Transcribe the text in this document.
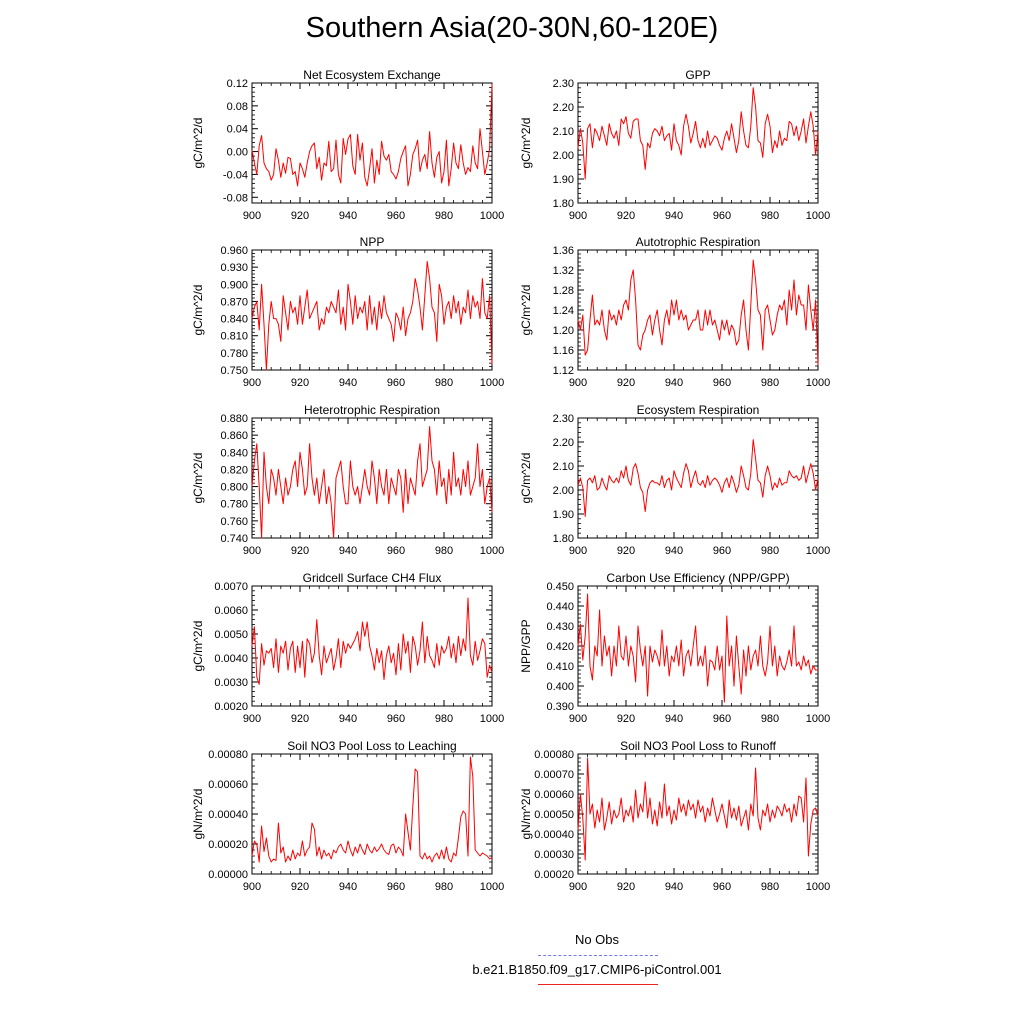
Southern Asia(20-30N,60-120E)
900	920	940	960	980 1000
-0.08
-0.04
0.00
0.04
0.08
0.12
Net Ecosystem Exchange
gC/m^2/d
900	920	940	960	980 1000
1.80
1.90
2.00
2.10
2.20
2.30
GPP
gC/m^2/d
900	920	940	960	980 1000
0.750
0.780
0.810
0.840
0.870
0.900
0.930
0.960
NPP
gC/m^2/d
900	920	940	960	980 1000
1.12
1.16
1.20
1.24
1.28
1.32
1.36
Autotrophic Respiration
gC/m^2/d
900	920	940	960	980 1000
0.740
0.760
0.780
0.800
0.820
0.840
0.860
0.880
Heterotrophic Respiration
gC/m^2/d
900	920	940	960	980 1000
1.80
1.90
2.00
2.10
2.20
2.30
Ecosystem Respiration
gC/m^2/d
900	920	940	960	980 1000
0.0020
0.0030
0.0040
0.0050
0.0060
0.0070
Gridcell Surface CH4 Flux
gC/m^2/d
900	920	940	960	980 1000
0.390
0.400
0.410
0.420
0.430
0.440
0.450
Carbon Use Efficiency (NPP/GPP)
NPP/GPP
900	920	940	960	980 1000
0.00000
0.00020
0.00040
0.00060
0.00080
Soil NO3 Pool Loss to Leaching
gN/m^2/d
900	920	940	960	980 1000
0.00020
0.00030
0.00040
0.00050
0.00060
0.00070
0.00080
Soil NO3 Pool Loss to Runoff
gN/m^2/d
No Obs
b.e21.B1850.f09_g17.CMIP6-piControl.001
